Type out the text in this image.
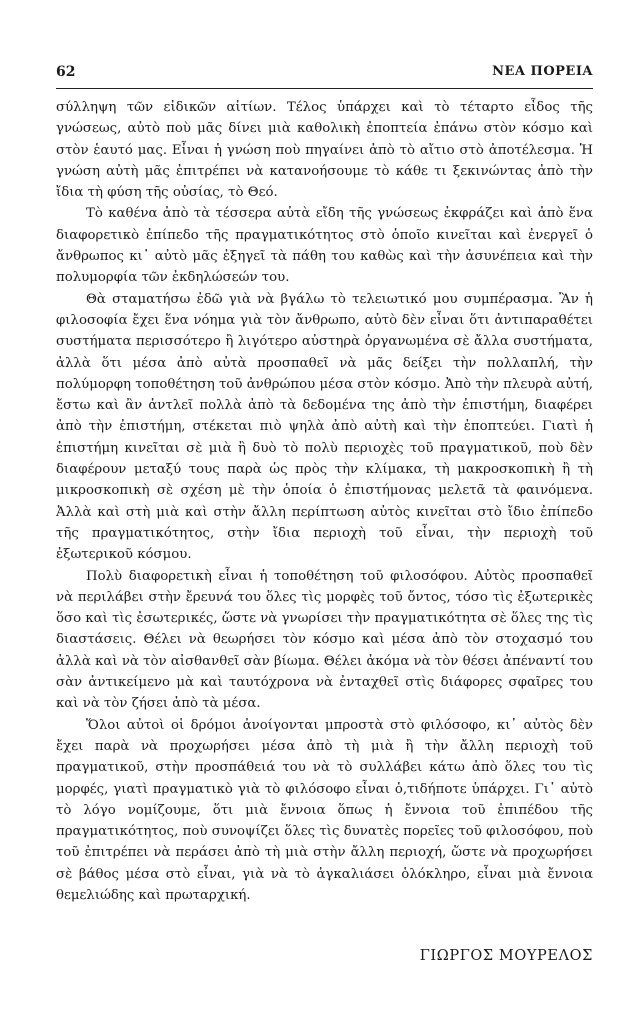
62	ΝΕΑ ΠΟΡΕΙΑ

σύλληψη τῶν εἰδικῶν αἰτίων. Τέλος ὑπάρχει καὶ τὸ τέταρτο εἶδος τῆς γνώσεως, αὐτὸ ποὺ μᾶς δίνει μιὰ καθολικὴ ἐποπτεία ἐπάνω στὸν κόσμο καὶ στὸν ἑαυτό μας. Εἶναι ἡ γνώση ποὺ πηγαίνει ἀπὸ τὸ αἴτιο στὸ ἀποτέλεσμα. Ἡ γνώση αὐτὴ μᾶς ἐπιτρέπει νὰ κατανοήσουμε τὸ κάθε τι ξεκινώντας ἀπὸ τὴν ἴδια τὴ φύση τῆς οὐσίας, τὸ Θεό.

Τὸ καθένα ἀπὸ τὰ τέσσερα αὐτὰ εἴδη τῆς γνώσεως ἐκφράζει καὶ ἀπὸ ἕνα διαφορετικὸ ἐπίπεδο τῆς πραγματικότητος στὸ ὁποῖο κινεῖται καὶ ἐνεργεῖ ὁ ἄνθρωπος κι᾽ αὐτὸ μᾶς ἐξηγεῖ τὰ πάθη του καθὼς καὶ τὴν ἀσυνέπεια καὶ τὴν πολυμορφία τῶν ἐκδηλώσεών του.

Θὰ σταματήσω ἐδῶ γιὰ νὰ βγάλω τὸ τελειωτικό μου συμπέρασμα. Ἂν ἡ φιλοσοφία ἔχει ἕνα νόημα γιὰ τὸν ἄνθρωπο, αὐτὸ δὲν εἶναι ὅτι ἀντιπαραθέτει συστήματα περισσότερο ἢ λιγότερο αὐστηρὰ ὀργανωμένα σὲ ἄλλα συστήματα, ἀλλὰ ὅτι μέσα ἀπὸ αὐτὰ προσπαθεῖ νὰ μᾶς δείξει τὴν πολλαπλή, τὴν πολύμορφη τοποθέτηση τοῦ ἀνθρώπου μέσα στὸν κόσμο. Ἀπὸ τὴν πλευρὰ αὐτή, ἔστω καὶ ἂν ἀντλεῖ πολλὰ ἀπὸ τὰ δεδομένα της ἀπὸ τὴν ἐπιστήμη, διαφέρει ἀπὸ τὴν ἐπιστήμη, στέκεται πιὸ ψηλὰ ἀπὸ αὐτὴ καὶ τὴν ἐποπτεύει. Γιατὶ ἡ ἐπιστήμη κινεῖται σὲ μιὰ ἢ δυὸ τὸ πολὺ περιοχὲς τοῦ πραγματικοῦ, ποὺ δὲν διαφέρουν μεταξύ τους παρὰ ὡς πρὸς τὴν κλίμακα, τὴ μακροσκοπικὴ ἢ τὴ μικροσκοπικὴ σὲ σχέση μὲ τὴν ὁποία ὁ ἐπιστήμονας μελετᾶ τὰ φαινόμενα. Ἀλλὰ καὶ στὴ μιὰ καὶ στὴν ἄλλη περίπτωση αὐτὸς κινεῖται στὸ ἴδιο ἐπίπεδο τῆς πραγματικότητος, στὴν ἴδια περιοχὴ τοῦ εἶναι, τὴν περιοχὴ τοῦ ἐξωτερικοῦ κόσμου.

Πολὺ διαφορετικὴ εἶναι ἡ τοποθέτηση τοῦ φιλοσόφου. Αὐτὸς προσπαθεῖ νὰ περιλάβει στὴν ἔρευνά του ὅλες τὶς μορφὲς τοῦ ὄντος, τόσο τὶς ἐξωτερικὲς ὅσο καὶ τὶς ἐσωτερικές, ὥστε νὰ γνωρίσει τὴν πραγματικότητα σὲ ὅλες της τὶς διαστάσεις. Θέλει νὰ θεωρήσει τὸν κόσμο καὶ μέσα ἀπὸ τὸν στοχασμό του ἀλλὰ καὶ νὰ τὸν αἰσθανθεῖ σὰν βίωμα. Θέλει ἀκόμα νὰ τὸν θέσει ἀπέναντί του σὰν ἀντικείμενο μὰ καὶ ταυτόχρονα νὰ ἐνταχθεῖ στὶς διάφορες σφαῖρες του καὶ νὰ τὸν ζήσει ἀπὸ τὰ μέσα.

Ὅλοι αὐτοὶ οἱ δρόμοι ἀνοίγονται μπροστὰ στὸ φιλόσοφο, κι᾽ αὐτὸς δὲν ἔχει παρὰ νὰ προχωρήσει μέσα ἀπὸ τὴ μιὰ ἢ τὴν ἄλλη περιοχὴ τοῦ πραγματικοῦ, στὴν προσπάθειά του νὰ τὸ συλλάβει κάτω ἀπὸ ὅλες του τὶς μορφές, γιατὶ πραγματικὸ γιὰ τὸ φιλόσοφο εἶναι ὁ,τιδήποτε ὑπάρχει. Γι᾽ αὐτὸ τὸ λόγο νομίζουμε, ὅτι μιὰ ἔννοια ὅπως ἡ ἔννοια τοῦ ἐπιπέδου τῆς πραγματικότητος, ποὺ συνοψίζει ὅλες τὶς δυνατὲς πορεῖες τοῦ φιλοσόφου, ποὺ τοῦ ἐπιτρέπει νὰ περάσει ἀπὸ τὴ μιὰ στὴν ἄλλη περιοχή, ὥστε νὰ προχωρήσει σὲ βάθος μέσα στὸ εἶναι, γιὰ νὰ τὸ ἀγκαλιάσει ὁλόκληρο, εἶναι μιὰ ἔννοια θεμελιώδης καὶ πρωταρχική.

ΓΙΩΡΓΟΣ ΜΟΥΡΕΛΟΣ
